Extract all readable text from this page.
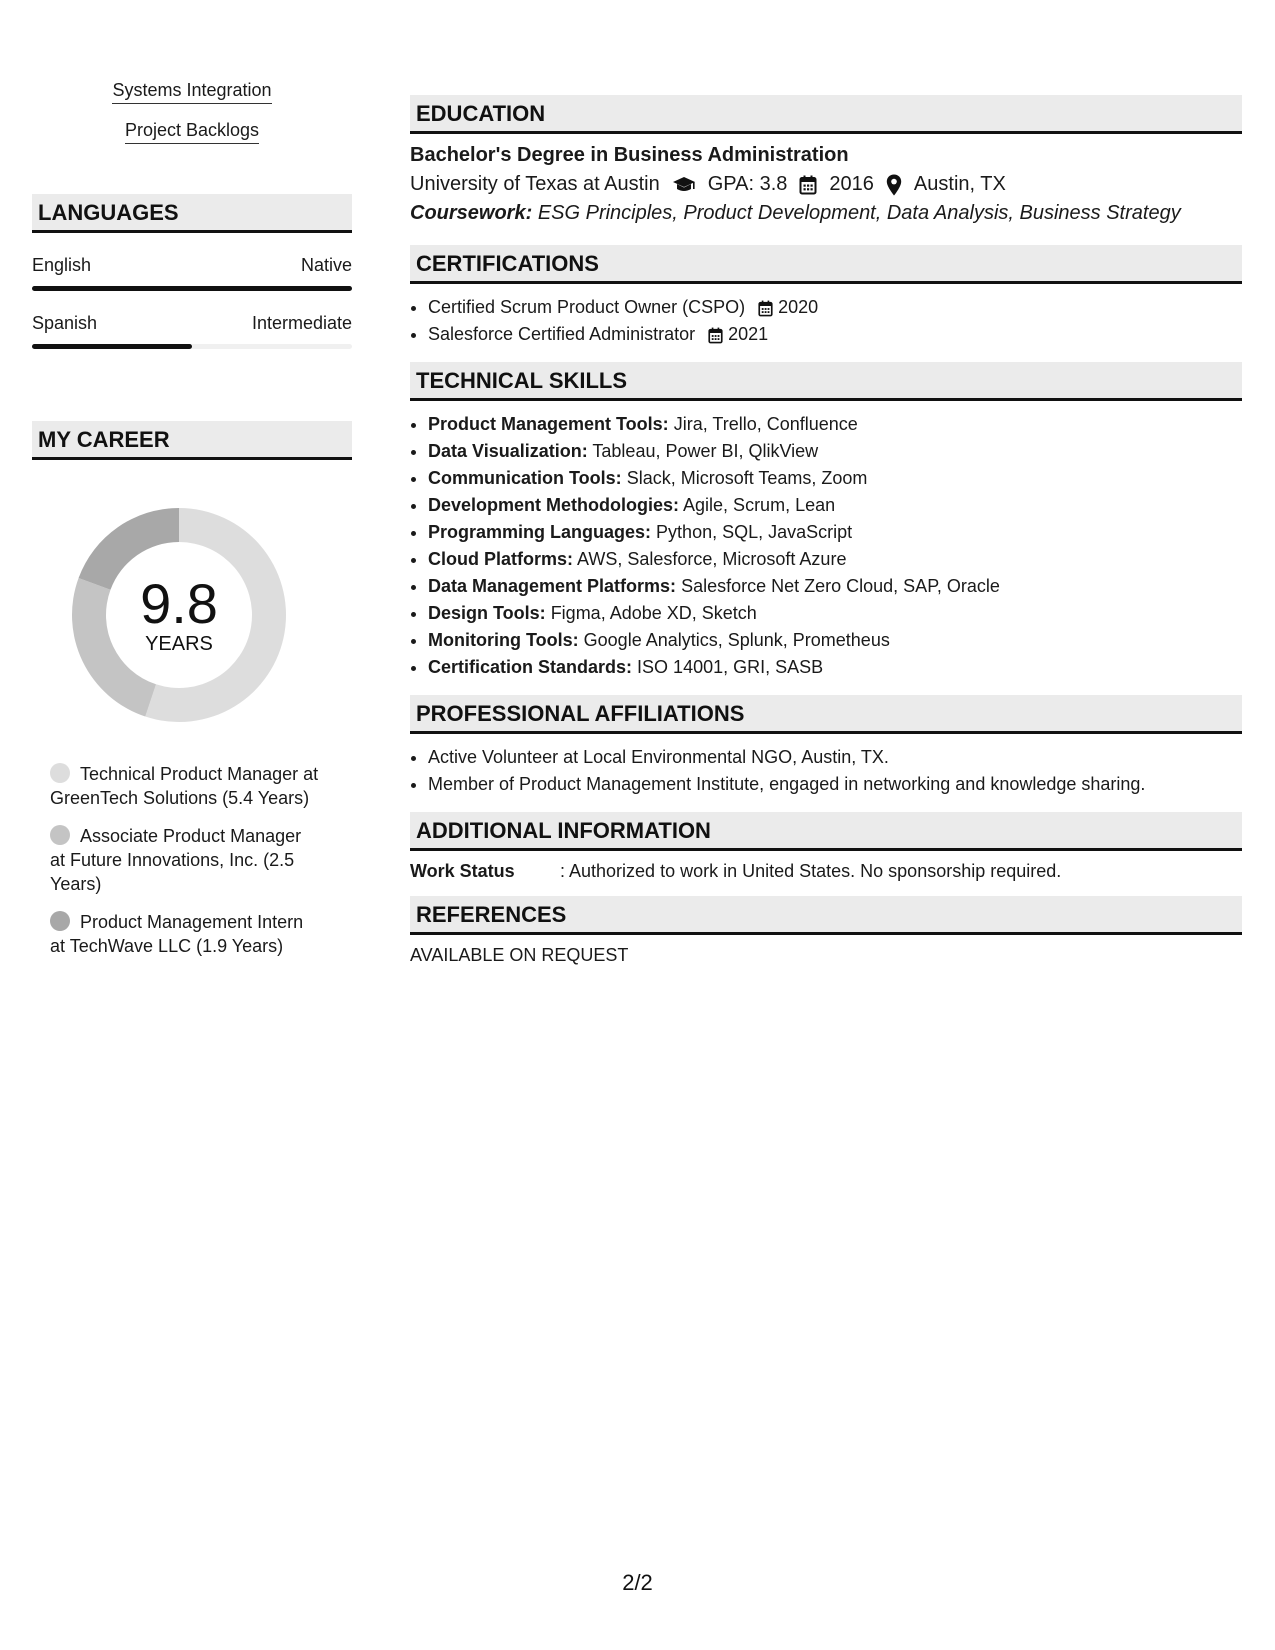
Systems Integration
Project Backlogs
LANGUAGES
English	Native
Spanish	Intermediate
MY CAREER
9.8
YEARS
Technical Product Manager at GreenTech Solutions (5.4 Years)
Associate Product Manager at Future Innovations, Inc. (2.5 Years)
Product Management Intern at TechWave LLC (1.9 Years)
EDUCATION
Bachelor's Degree in Business Administration
University of Texas at Austin GPA: 3.8 2016 Austin, TX
Coursework: ESG Principles, Product Development, Data Analysis, Business Strategy
CERTIFICATIONS
• Certified Scrum Product Owner (CSPO) 2020
• Salesforce Certified Administrator 2021
TECHNICAL SKILLS
• Product Management Tools: Jira, Trello, Confluence
• Data Visualization: Tableau, Power BI, QlikView
• Communication Tools: Slack, Microsoft Teams, Zoom
• Development Methodologies: Agile, Scrum, Lean
• Programming Languages: Python, SQL, JavaScript
• Cloud Platforms: AWS, Salesforce, Microsoft Azure
• Data Management Platforms: Salesforce Net Zero Cloud, SAP, Oracle
• Design Tools: Figma, Adobe XD, Sketch
• Monitoring Tools: Google Analytics, Splunk, Prometheus
• Certification Standards: ISO 14001, GRI, SASB
PROFESSIONAL AFFILIATIONS
• Active Volunteer at Local Environmental NGO, Austin, TX.
• Member of Product Management Institute, engaged in networking and knowledge sharing.
ADDITIONAL INFORMATION
Work Status	: Authorized to work in United States. No sponsorship required.
REFERENCES
AVAILABLE ON REQUEST
2/2
